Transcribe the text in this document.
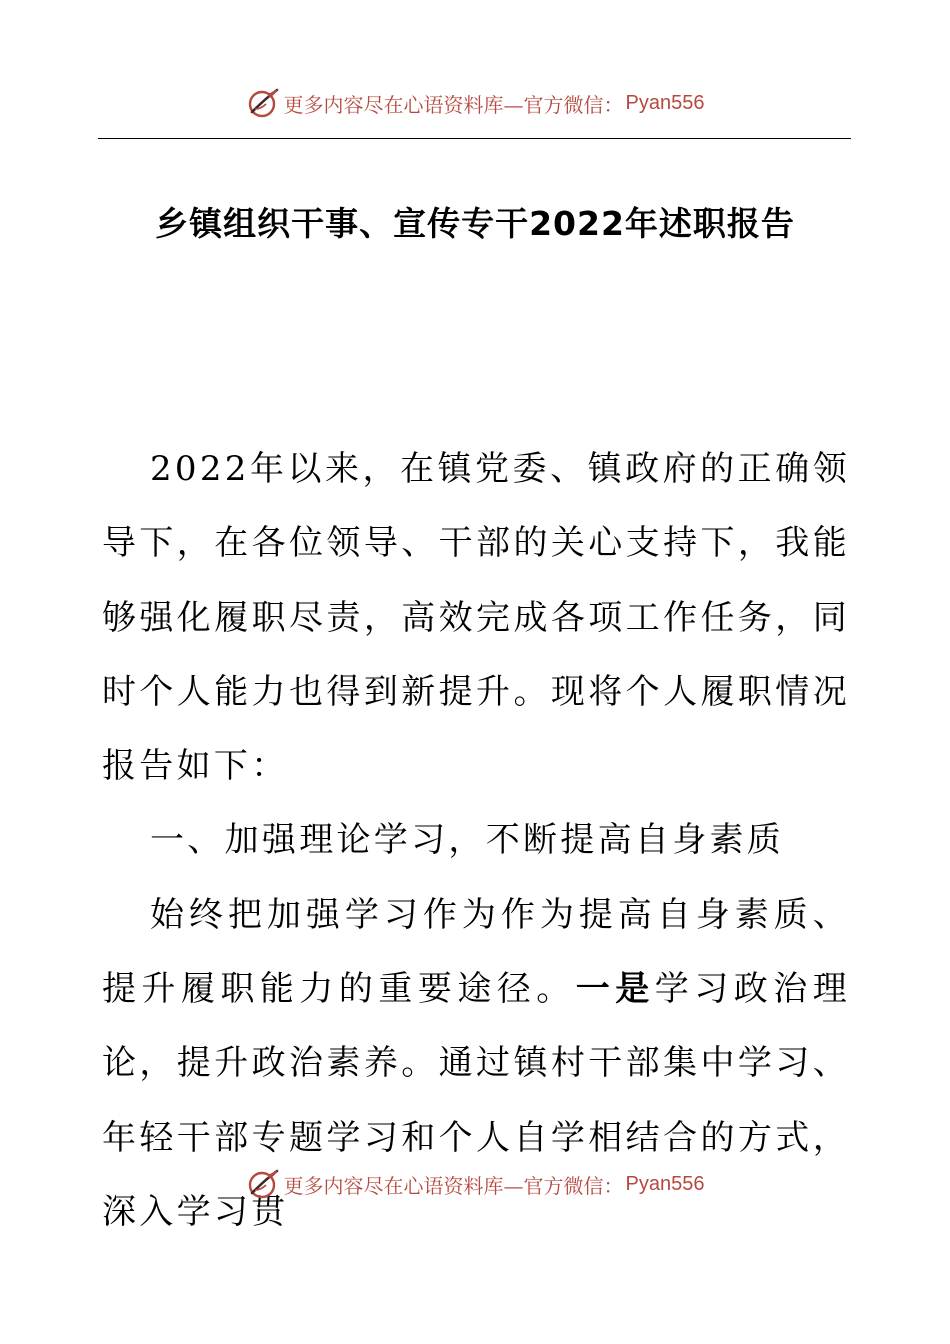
更多内容尽在心语资料库—官方微信： Pyan556
乡镇组织干事、宣传专干2022年述职报告

2022年以来，在镇党委、镇政府的正确领导下，在各位领导、干部的关心支持下，我能够强化履职尽责，高效完成各项工作任务，同时个人能力也得到新提升。现将个人履职情况报告如下：

一、加强理论学习，不断提高自身素质

始终把加强学习作为作为提高自身素质、提升履职能力的重要途径。一是学习政治理论，提升政治素养。通过镇村干部集中学习、年轻干部专题学习和个人自学相结合的方式，深入学习贯

更多内容尽在心语资料库—官方微信： Pyan556
